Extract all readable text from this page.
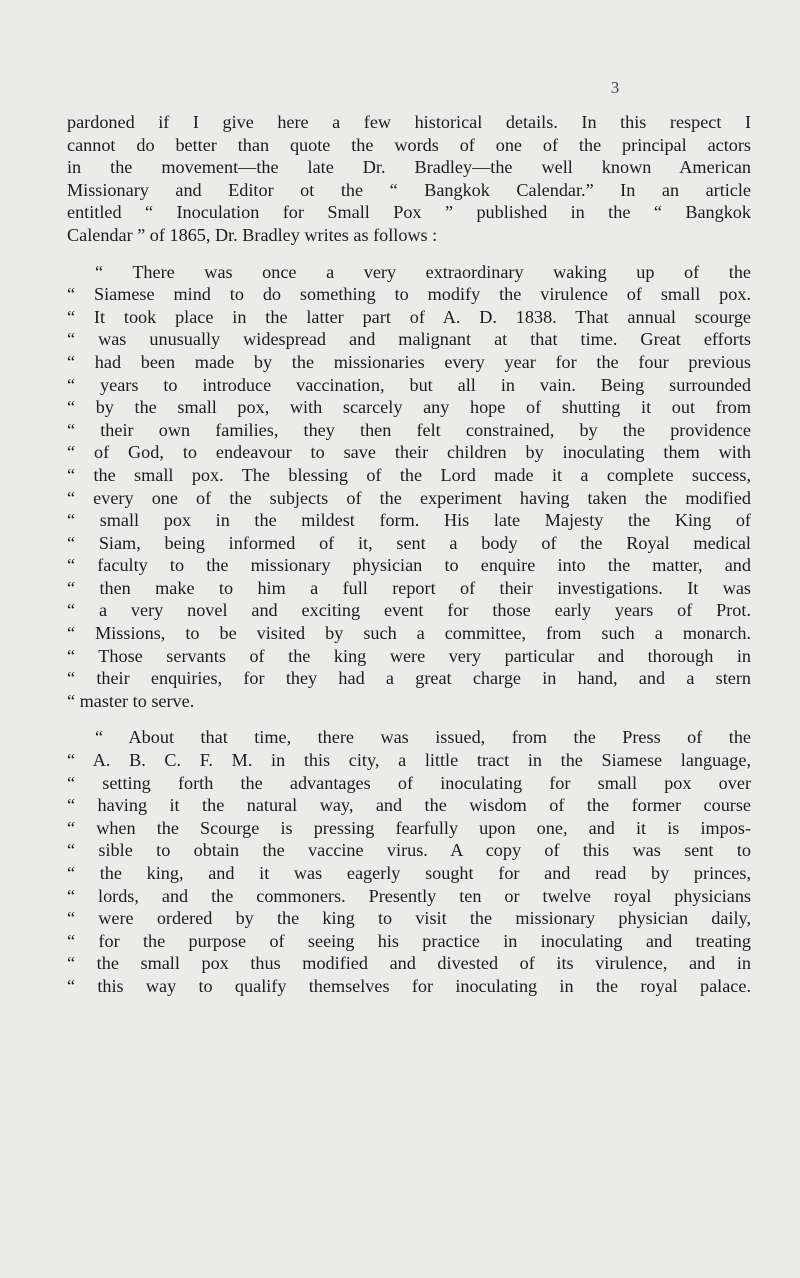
3
pardoned if I give here a few historical details. In this respect I
cannot do better than quote the words of one of the principal actors
in the movement—the late Dr. Bradley—the well known American
Missionary and Editor ot the “ Bangkok Calendar.” In an article
entitled “ Inoculation for Small Pox ” published in the “ Bangkok
Calendar ” of 1865, Dr. Bradley writes as follows :
“ There was once a very extraordinary waking up of the
“ Siamese mind to do something to modify the virulence of small pox.
“ It took place in the latter part of A. D. 1838. That annual scourge
“ was unusually widespread and malignant at that time. Great efforts
“ had been made by the missionaries every year for the four previous
“ years to introduce vaccination, but all in vain. Being surrounded
“ by the small pox, with scarcely any hope of shutting it out from
“ their own families, they then felt constrained, by the providence
“ of God, to endeavour to save their children by inoculating them with
“ the small pox. The blessing of the Lord made it a complete success,
“ every one of the subjects of the experiment having taken the modified
“ small pox in the mildest form. His late Majesty the King of
“ Siam, being informed of it, sent a body of the Royal medical
“ faculty to the missionary physician to enquire into the matter, and
“ then make to him a full report of their investigations. It was
“ a very novel and exciting event for those early years of Prot.
“ Missions, to be visited by such a committee, from such a monarch.
“ Those servants of the king were very particular and thorough in
“ their enquiries, for they had a great charge in hand, and a stern
“ master to serve.
“ About that time, there was issued, from the Press of the
“ A. B. C. F. M. in this city, a little tract in the Siamese language,
“ setting forth the advantages of inoculating for small pox over
“ having it the natural way, and the wisdom of the former course
“ when the Scourge is pressing fearfully upon one, and it is impos-
“ sible to obtain the vaccine virus. A copy of this was sent to
“ the king, and it was eagerly sought for and read by princes,
“ lords, and the commoners. Presently ten or twelve royal physicians
“ were ordered by the king to visit the missionary physician daily,
“ for the purpose of seeing his practice in inoculating and treating
“ the small pox thus modified and divested of its virulence, and in
“ this way to qualify themselves for inoculating in the royal palace.
